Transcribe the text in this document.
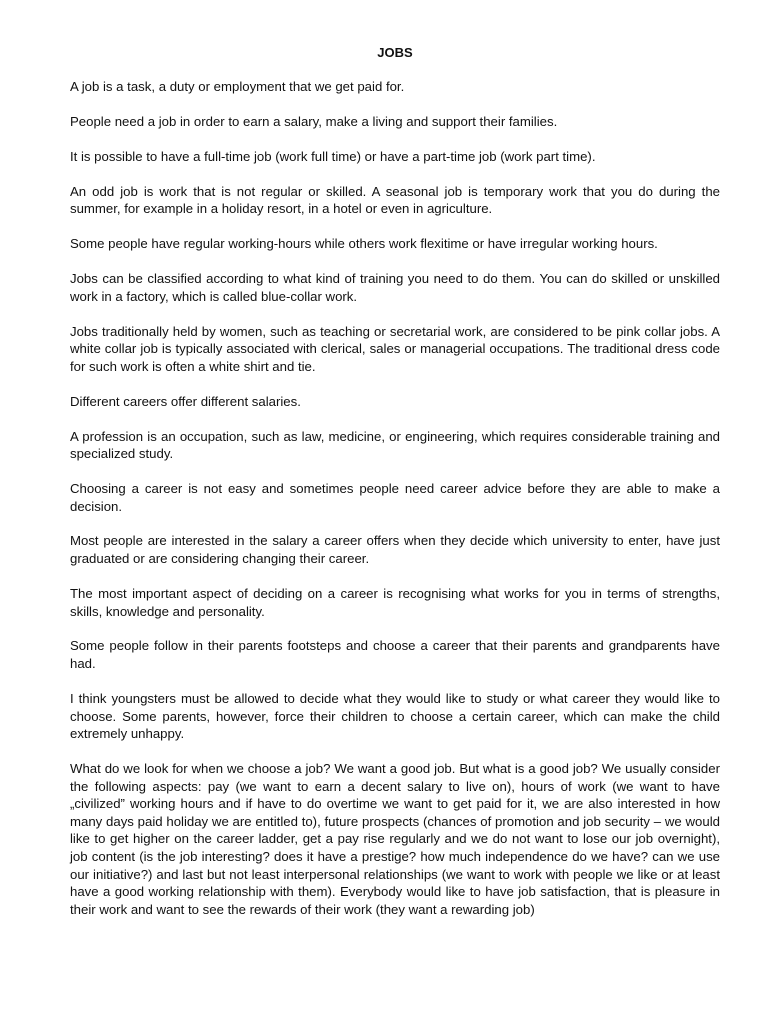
JOBS

A job is a task, a duty or employment that we get paid for.

People need a job in order to earn a salary, make a living and support their families.

It is possible to have a full-time job (work full time) or have a part-time job (work part time).

An odd job is work that is not regular or skilled. A seasonal job is temporary work that you do during the summer, for example in a holiday resort, in a hotel or even in agriculture.

Some people have regular working-hours while others work flexitime or have irregular working hours.

Jobs can be classified according to what kind of training you need to do them. You can do skilled or unskilled work in a factory, which is called blue-collar work.

Jobs traditionally held by women, such as teaching or secretarial work, are considered to be pink collar jobs. A white collar job is typically associated with clerical, sales or managerial occupations. The traditional dress code for such work is often a white shirt and tie.

Different careers offer different salaries.

A profession is an occupation, such as law, medicine, or engineering, which requires considerable training and specialized study.

Choosing a career is not easy and sometimes people need career advice before they are able to make a decision.

Most people are interested in the salary a career offers when they decide which university to enter, have just graduated or are considering changing their career.

The most important aspect of deciding on a career is recognising what works for you in terms of strengths, skills, knowledge and personality.

Some people follow in their parents footsteps and choose a career that their parents and grandparents have had.

I think youngsters must be allowed to decide what they would like to study or what career they would like to choose. Some parents, however, force their children to choose a certain career, which can make the child extremely unhappy.

What do we look for when we choose a job? We want a good job. But what is a good job? We usually consider the following aspects: pay (we want to earn a decent salary to live on), hours of work (we want to have „civilized” working hours and if have to do overtime we want to get paid for it, we are also interested in how many days paid holiday we are entitled to), future prospects (chances of promotion and job security – we would like to get higher on the career ladder, get a pay rise regularly and we do not want to lose our job overnight), job content (is the job interesting? does it have a prestige? how much independence do we have? can we use our initiative?) and last but not least interpersonal relationships (we want to work with people we like or at least have a good working relationship with them). Everybody would like to have job satisfaction, that is pleasure in their work and want to see the rewards of their work (they want a rewarding job)
